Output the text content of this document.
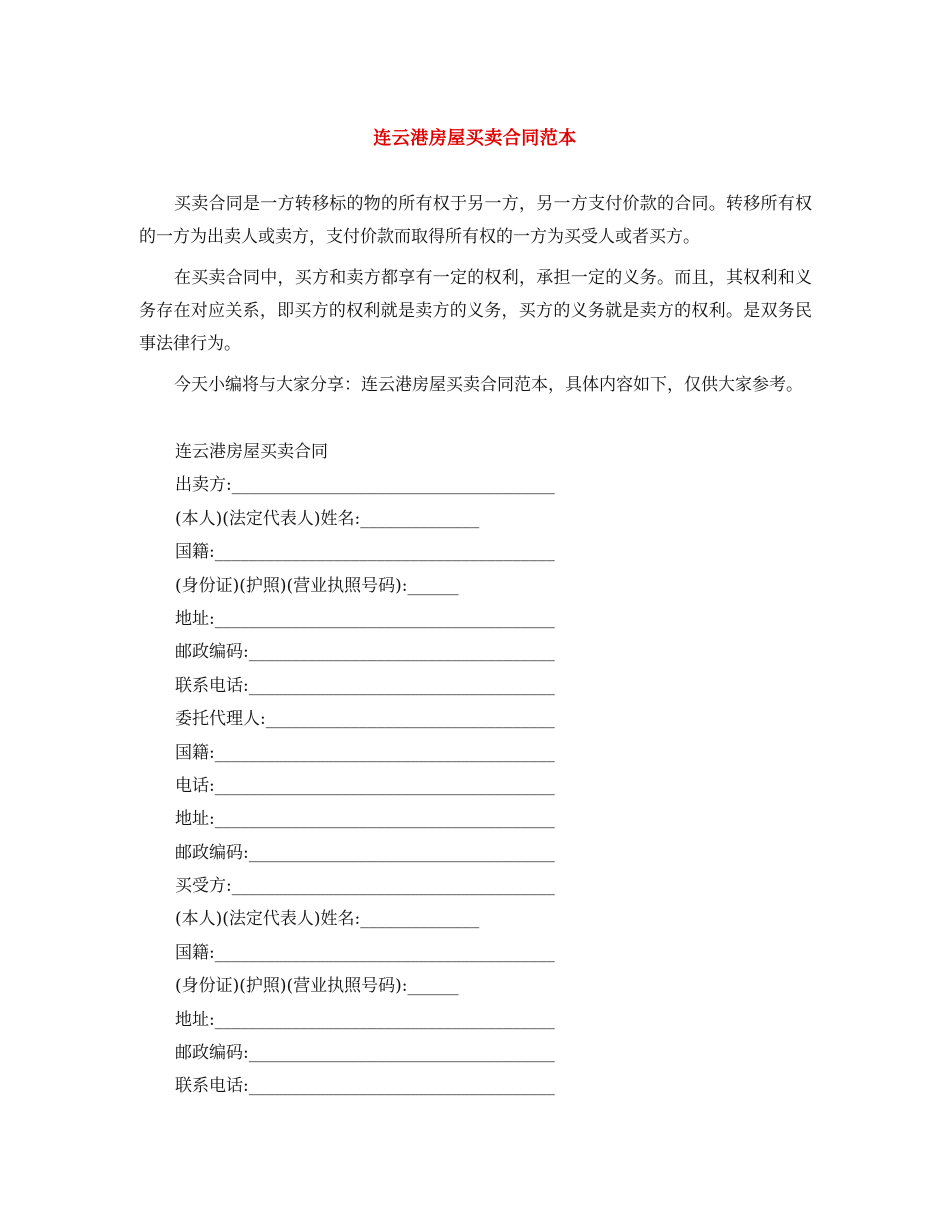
连云港房屋买卖合同范本

买卖合同是一方转移标的物的所有权于另一方，另一方支付价款的合同。转移所有权的一方为出卖人或卖方，支付价款而取得所有权的一方为买受人或者买方。

在买卖合同中，买方和卖方都享有一定的权利，承担一定的义务。而且，其权利和义务存在对应关系，即买方的权利就是卖方的义务，买方的义务就是卖方的权利。是双务民事法律行为。

今天小编将与大家分享：连云港房屋买卖合同范本，具体内容如下，仅供大家参考。

连云港房屋买卖合同
出卖方:______________________________________
(本人)(法定代表人)姓名:______________
国籍:________________________________________
(身份证)(护照)(营业执照号码):______
地址:________________________________________
邮政编码:____________________________________
联系电话:____________________________________
委托代理人:__________________________________
国籍:________________________________________
电话:________________________________________
地址:________________________________________
邮政编码:____________________________________
买受方:______________________________________
(本人)(法定代表人)姓名:______________
国籍:________________________________________
(身份证)(护照)(营业执照号码):______
地址:________________________________________
邮政编码:____________________________________
联系电话:____________________________________
